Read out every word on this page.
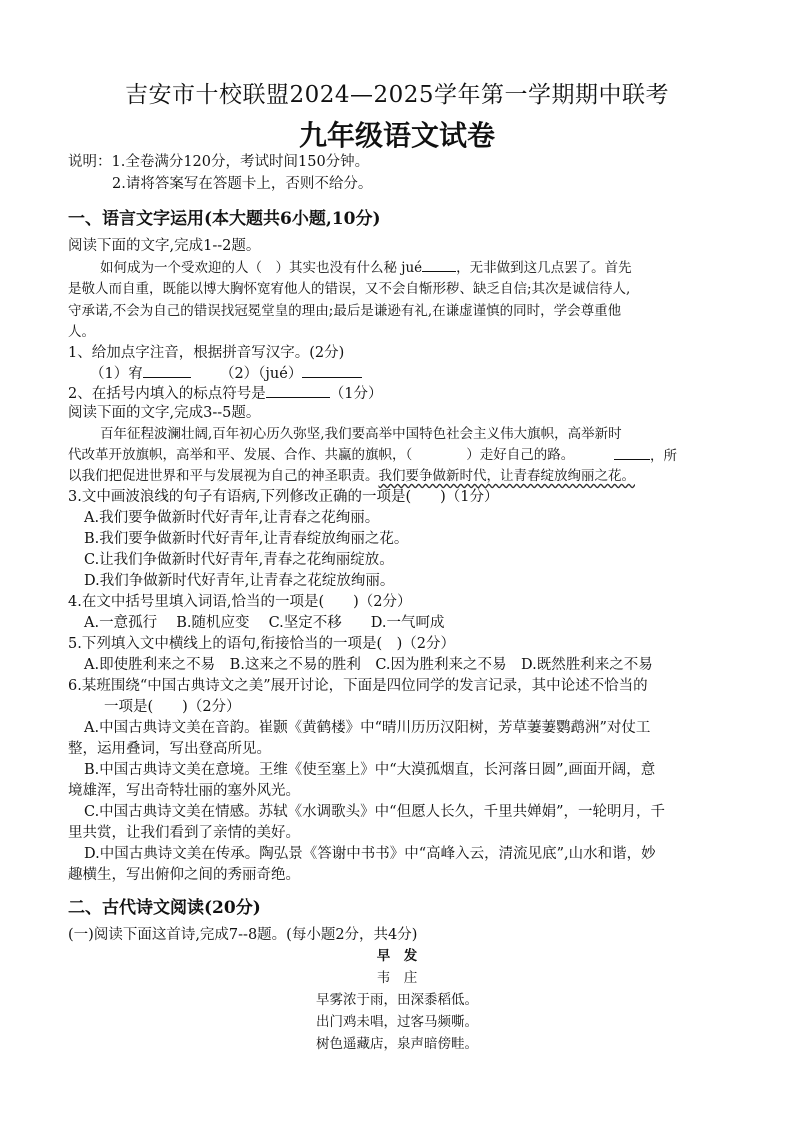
吉安市十校联盟2024—2025学年第一学期期中联考
九年级语文试卷
说明：1.全卷满分120分，考试时间150分钟。
2.请将答案写在答题卡上，否则不给分。
一、语言文字运用(本大题共6小题,10分)
阅读下面的文字,完成1--2题。
如何成为一个受欢迎的人（　）其实也没有什么秘 jué	，无非做到这几点罢了。首先
是敬人而自重，既能以博大胸怀宽宥他人的错误，又不会自惭形秽、缺乏自信;其次是诚信待人,
守承诺,不会为自己的错误找冠冕堂皇的理由;最后是谦逊有礼,在谦虚谨慎的同时，学会尊重他
人。
1、给加点字注音，根据拼音写汉字。(2分)
（1）宥	（2）（jué）
2、在括号内填入的标点符号是	（1分）
阅读下面的文字,完成3--5题。
百年征程波澜壮阔,百年初心历久弥坚,我们要高举中国特色社会主义伟大旗帜，高举新时
代改革开放旗帜，高举和平、发展、合作、共赢的旗帜，（　　　　）走好自己的路。	，所
以我们把促进世界和平与发展视为自己的神圣职责。我们要争做新时代，让青春绽放绚丽之花。
3.文中画波浪线的句子有语病,下列修改正确的一项是(　　)（1分）
A.我们要争做新时代好青年,让青春之花绚丽。
B.我们要争做新时代好青年,让青春绽放绚丽之花。
C.让我们争做新时代好青年,青春之花绚丽绽放。
D.我们争做新时代好青年,让青春之花绽放绚丽。
4.在文中括号里填入词语,恰当的一项是(　　)（2分）
A.一意孤行　 B.随机应变　 C.坚定不移　　D.一气呵成
5.下列填入文中横线上的语句,衔接恰当的一项是(　)（2分）
A.即使胜利来之不易　B.这来之不易的胜利　C.因为胜利来之不易　D.既然胜利来之不易
6.某班围绕“中国古典诗文之美”展开讨论，下面是四位同学的发言记录，其中论述不恰当的
一项是(　　)（2分）
A.中国古典诗文美在音韵。崔颢《黄鹤楼》中“晴川历历汉阳树，芳草萋萋鹦鹉洲”对仗工
整，运用叠词，写出登高所见。
B.中国古典诗文美在意境。王维《使至塞上》中“大漠孤烟直，长河落日圆”,画面开阔，意
境雄浑，写出奇特壮丽的塞外风光。
C.中国古典诗文美在情感。苏轼《水调歌头》中“但愿人长久，千里共婵娟”，一轮明月，千
里共赏，让我们看到了亲情的美好。
D.中国古典诗文美在传承。陶弘景《答谢中书书》中“高峰入云，清流见底”,山水和谐，妙
趣横生，写出俯仰之间的秀丽奇绝。
二、古代诗文阅读(20分)
(一)阅读下面这首诗,完成7--8题。(每小题2分，共4分)
早　发
韦　庄
早雾浓于雨，田深黍稻低。
出门鸡未唱，过客马频嘶。
树色遥藏店，泉声暗傍畦。
